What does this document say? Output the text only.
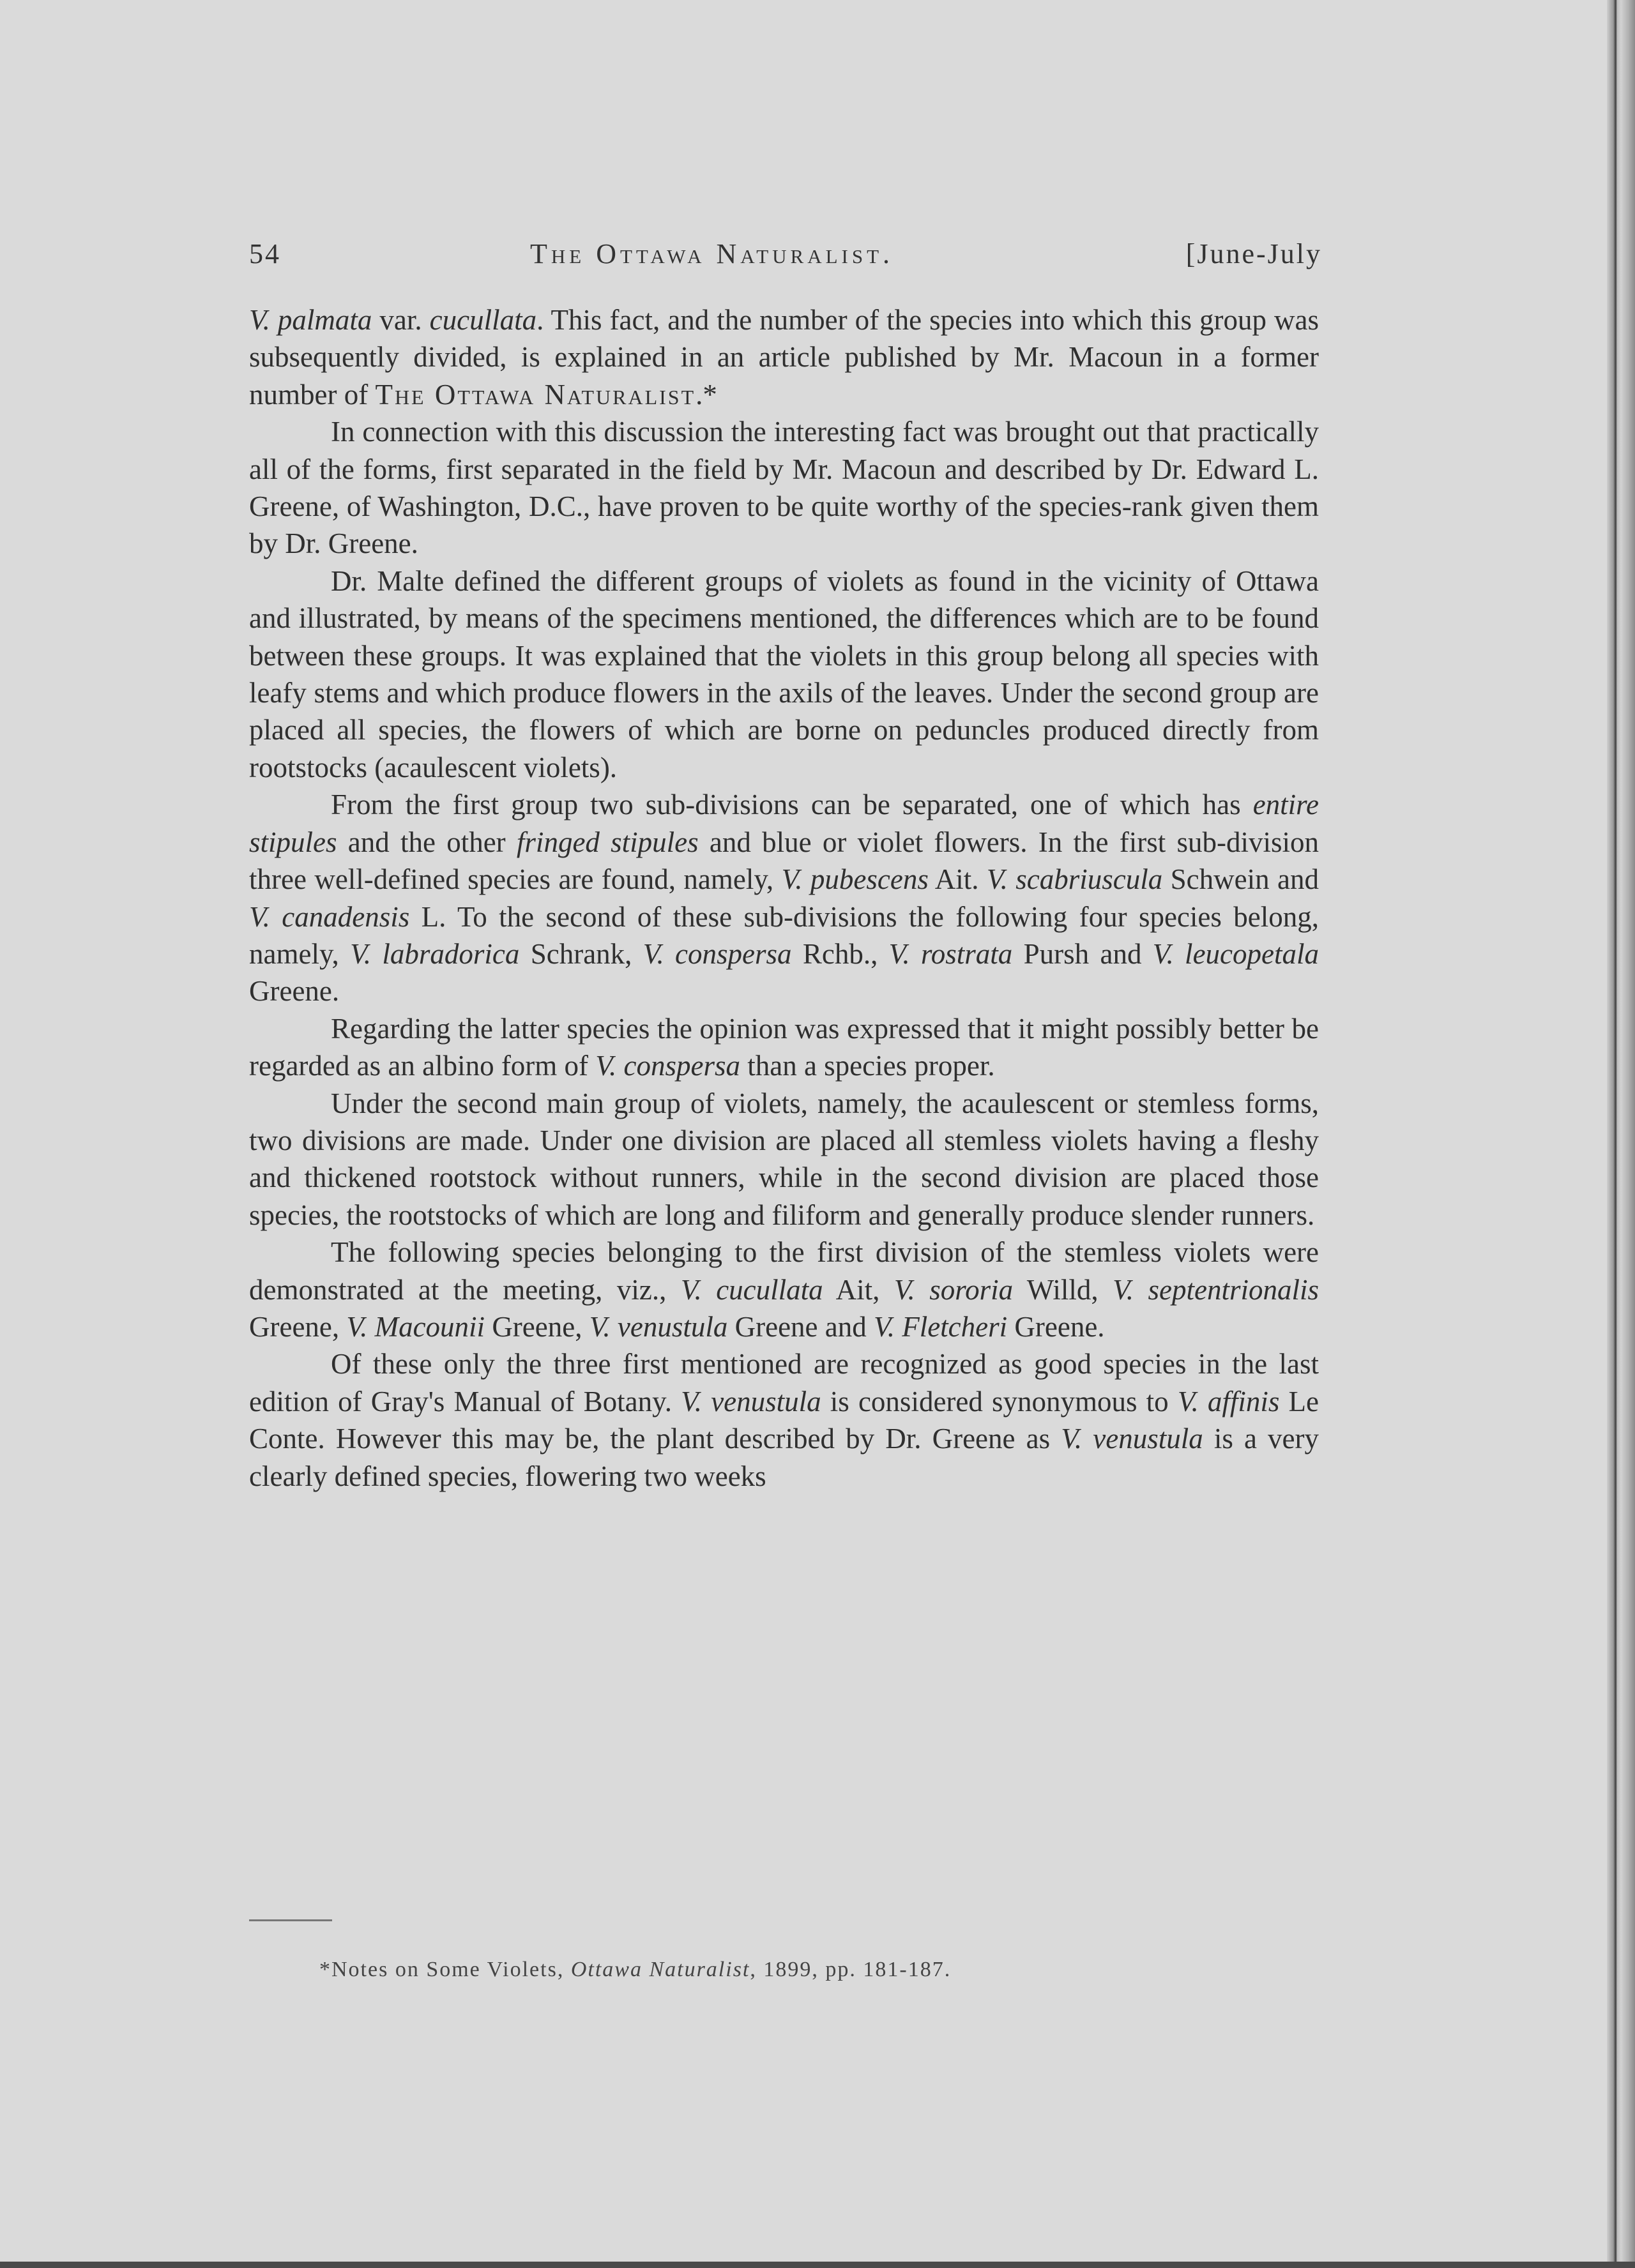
54	The Ottawa Naturalist.	[June-July

V. palmata var. cucullata. This fact, and the number of the species into which this group was subsequently divided, is explained in an article published by Mr. Macoun in a former number of The Ottawa Naturalist.*

In connection with this discussion the interesting fact was brought out that practically all of the forms, first separated in the field by Mr. Macoun and described by Dr. Edward L. Greene, of Washington, D.C., have proven to be quite worthy of the species-rank given them by Dr. Greene.

Dr. Malte defined the different groups of violets as found in the vicinity of Ottawa and illustrated, by means of the specimens mentioned, the differences which are to be found between these groups. It was explained that the violets in this group belong all species with leafy stems and which produce flowers in the axils of the leaves. Under the second group are placed all species, the flowers of which are borne on peduncles produced directly from rootstocks (acaulescent violets).

From the first group two sub-divisions can be separated, one of which has entire stipules and the other fringed stipules and blue or violet flowers. In the first sub-division three well-defined species are found, namely, V. pubescens Ait. V. scabriuscula Schwein and V. canadensis L. To the second of these sub-divisions the following four species belong, namely, V. labradorica Schrank, V. conspersa Rchb., V. rostrata Pursh and V. leucopetala Greene.

Regarding the latter species the opinion was expressed that it might possibly better be regarded as an albino form of V. conspersa than a species proper.

Under the second main group of violets, namely, the acaulescent or stemless forms, two divisions are made. Under one division are placed all stemless violets having a fleshy and thickened rootstock without runners, while in the second division are placed those species, the rootstocks of which are long and filiform and generally produce slender runners.

The following species belonging to the first division of the stemless violets were demonstrated at the meeting, viz., V. cucullata Ait, V. sororia Willd, V. septentrionalis Greene, V. Macounii Greene, V. venustula Greene and V. Fletcheri Greene.

Of these only the three first mentioned are recognized as good species in the last edition of Gray's Manual of Botany. V. venustula is considered synonymous to V. affinis Le Conte. However this may be, the plant described by Dr. Greene as V. venustula is a very clearly defined species, flowering two weeks

*Notes on Some Violets, Ottawa Naturalist, 1899, pp. 181-187.
